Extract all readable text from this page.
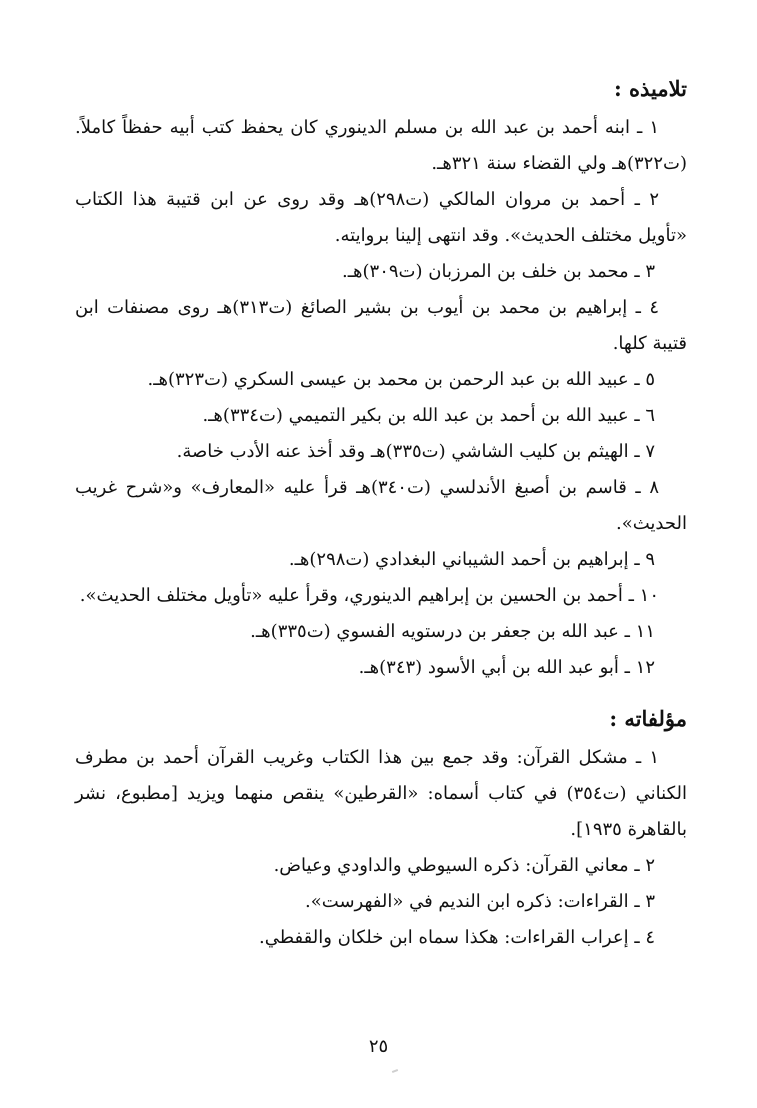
تلاميذه :

١ ـ ابنه أحمد بن عبد الله بن مسلم الدينوري كان يحفظ كتب أبيه حفظاً كاملاً. (ت٣٢٢)هـ ولي القضاء سنة ٣٢١هـ.

٢ ـ أحمد بن مروان المالكي (ت٢٩٨)هـ وقد روى عن ابن قتيبة هذا الكتاب «تأويل مختلف الحديث». وقد انتهى إلينا بروايته.

٣ ـ محمد بن خلف بن المرزبان (ت٣٠٩)هـ.

٤ ـ إبراهيم بن محمد بن أيوب بن بشير الصائغ (ت٣١٣)هـ روى مصنفات ابن قتيبة كلها.

٥ ـ عبيد الله بن عبد الرحمن بن محمد بن عيسى السكري (ت٣٢٣)هـ.

٦ ـ عبيد الله بن أحمد بن عبد الله بن بكير التميمي (ت٣٣٤)هـ.

٧ ـ الهيثم بن كليب الشاشي (ت٣٣٥)هـ وقد أخذ عنه الأدب خاصة.

٨ ـ قاسم بن أصبغ الأندلسي (ت٣٤٠)هـ قرأ عليه «المعارف» و«شرح غريب الحديث».

٩ ـ إبراهيم بن أحمد الشيباني البغدادي (ت٢٩٨)هـ.

١٠ ـ أحمد بن الحسين بن إبراهيم الدينوري، وقرأ عليه «تأويل مختلف الحديث».

١١ ـ عبد الله بن جعفر بن درستويه الفسوي (ت٣٣٥)هـ.

١٢ ـ أبو عبد الله بن أبي الأسود (٣٤٣)هـ.

مؤلفاته :

١ ـ مشكل القرآن: وقد جمع بين هذا الكتاب وغريب القرآن أحمد بن مطرف الكناني (ت٣٥٤) في كتاب أسماه: «القرطين» ينقص منهما ويزيد [مطبوع، نشر بالقاهرة ١٩٣٥].

٢ ـ معاني القرآن: ذكره السيوطي والداودي وعياض.

٣ ـ القراءات: ذكره ابن النديم في «الفهرست».

٤ ـ إعراب القراءات: هكذا سماه ابن خلكان والقفطي.

٢٥
